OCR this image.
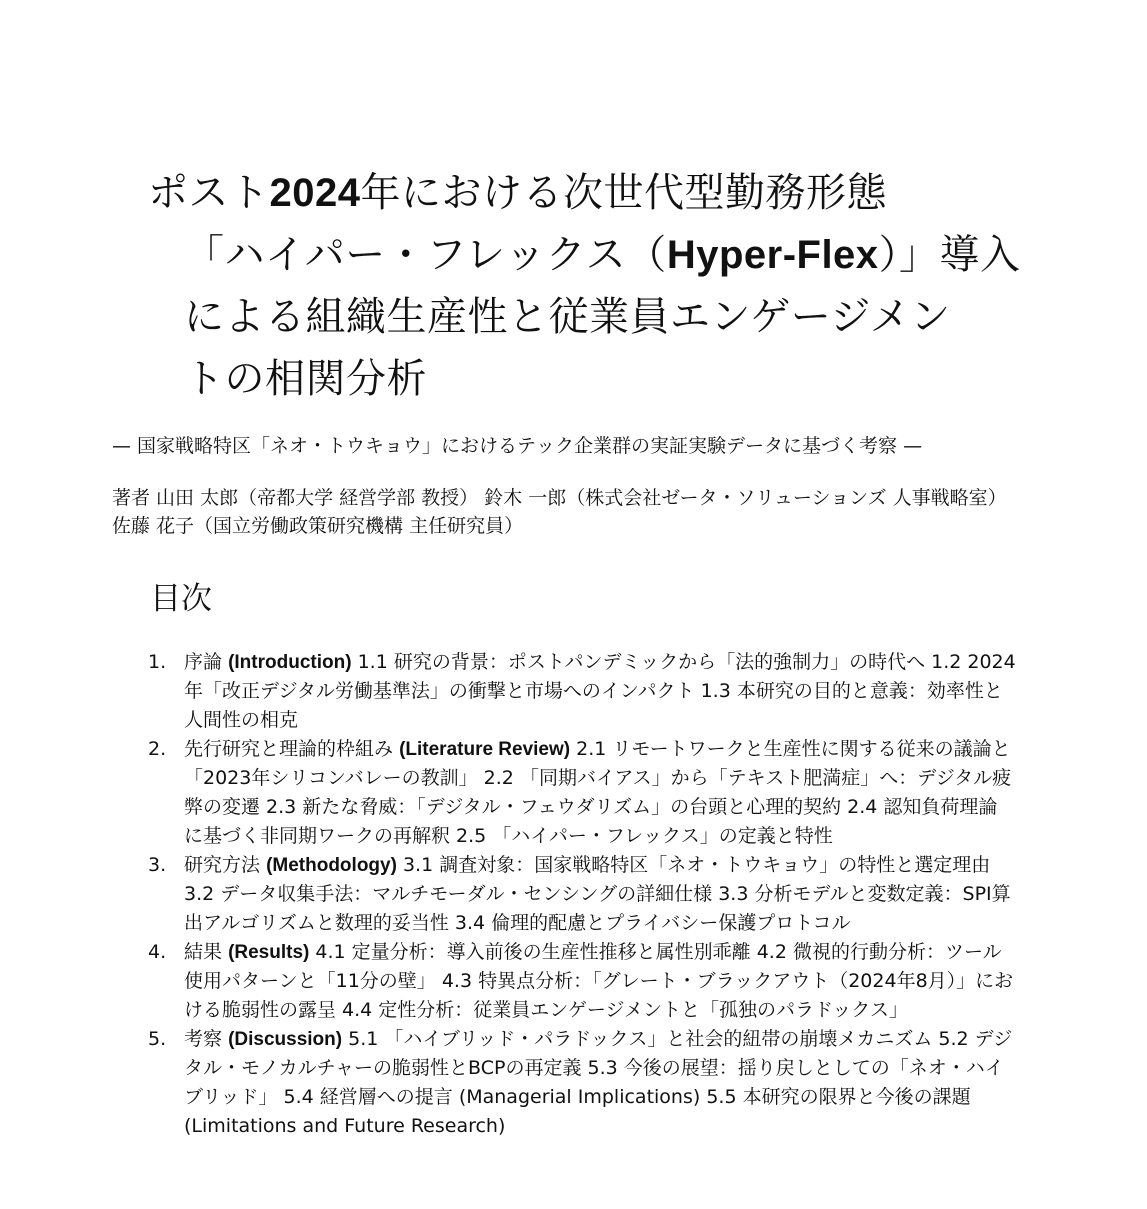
ポスト2024年における次世代型勤務形態
「ハイパー・フレックス（Hyper-Flex）」導入
による組織生産性と従業員エンゲージメン
トの相関分析

— 国家戦略特区「ネオ・トウキョウ」におけるテック企業群の実証実験データに基づく考察 —

著者 山田 太郎（帝都大学 経営学部 教授） 鈴木 一郎（株式会社ゼータ・ソリューションズ 人事戦略室） 佐藤 花子（国立労働政策研究機構 主任研究員）

目次
1. 序論 (Introduction) 1.1 研究の背景：ポストパンデミックから「法的強制力」の時代へ 1.2 2024年「改正デジタル労働基準法」の衝撃と市場へのインパクト 1.3 本研究の目的と意義：効率性と人間性の相克
2. 先行研究と理論的枠組み (Literature Review) 2.1 リモートワークと生産性に関する従来の議論と「2023年シリコンバレーの教訓」 2.2 「同期バイアス」から「テキスト肥満症」へ：デジタル疲弊の変遷 2.3 新たな脅威：「デジタル・フェウダリズム」の台頭と心理的契約 2.4 認知負荷理論に基づく非同期ワークの再解釈 2.5 「ハイパー・フレックス」の定義と特性
3. 研究方法 (Methodology) 3.1 調査対象：国家戦略特区「ネオ・トウキョウ」の特性と選定理由 3.2 データ収集手法：マルチモーダル・センシングの詳細仕様 3.3 分析モデルと変数定義：SPI算出アルゴリズムと数理的妥当性 3.4 倫理的配慮とプライバシー保護プロトコル
4. 結果 (Results) 4.1 定量分析：導入前後の生産性推移と属性別乖離 4.2 微視的行動分析：ツール使用パターンと「11分の壁」 4.3 特異点分析：「グレート・ブラックアウト（2024年8月）」における脆弱性の露呈 4.4 定性分析：従業員エンゲージメントと「孤独のパラドックス」
5. 考察 (Discussion) 5.1 「ハイブリッド・パラドックス」と社会的紐帯の崩壊メカニズム 5.2 デジタル・モノカルチャーの脆弱性とBCPの再定義 5.3 今後の展望：揺り戻しとしての「ネオ・ハイブリッド」 5.4 経営層への提言 (Managerial Implications) 5.5 本研究の限界と今後の課題 (Limitations and Future Research)
